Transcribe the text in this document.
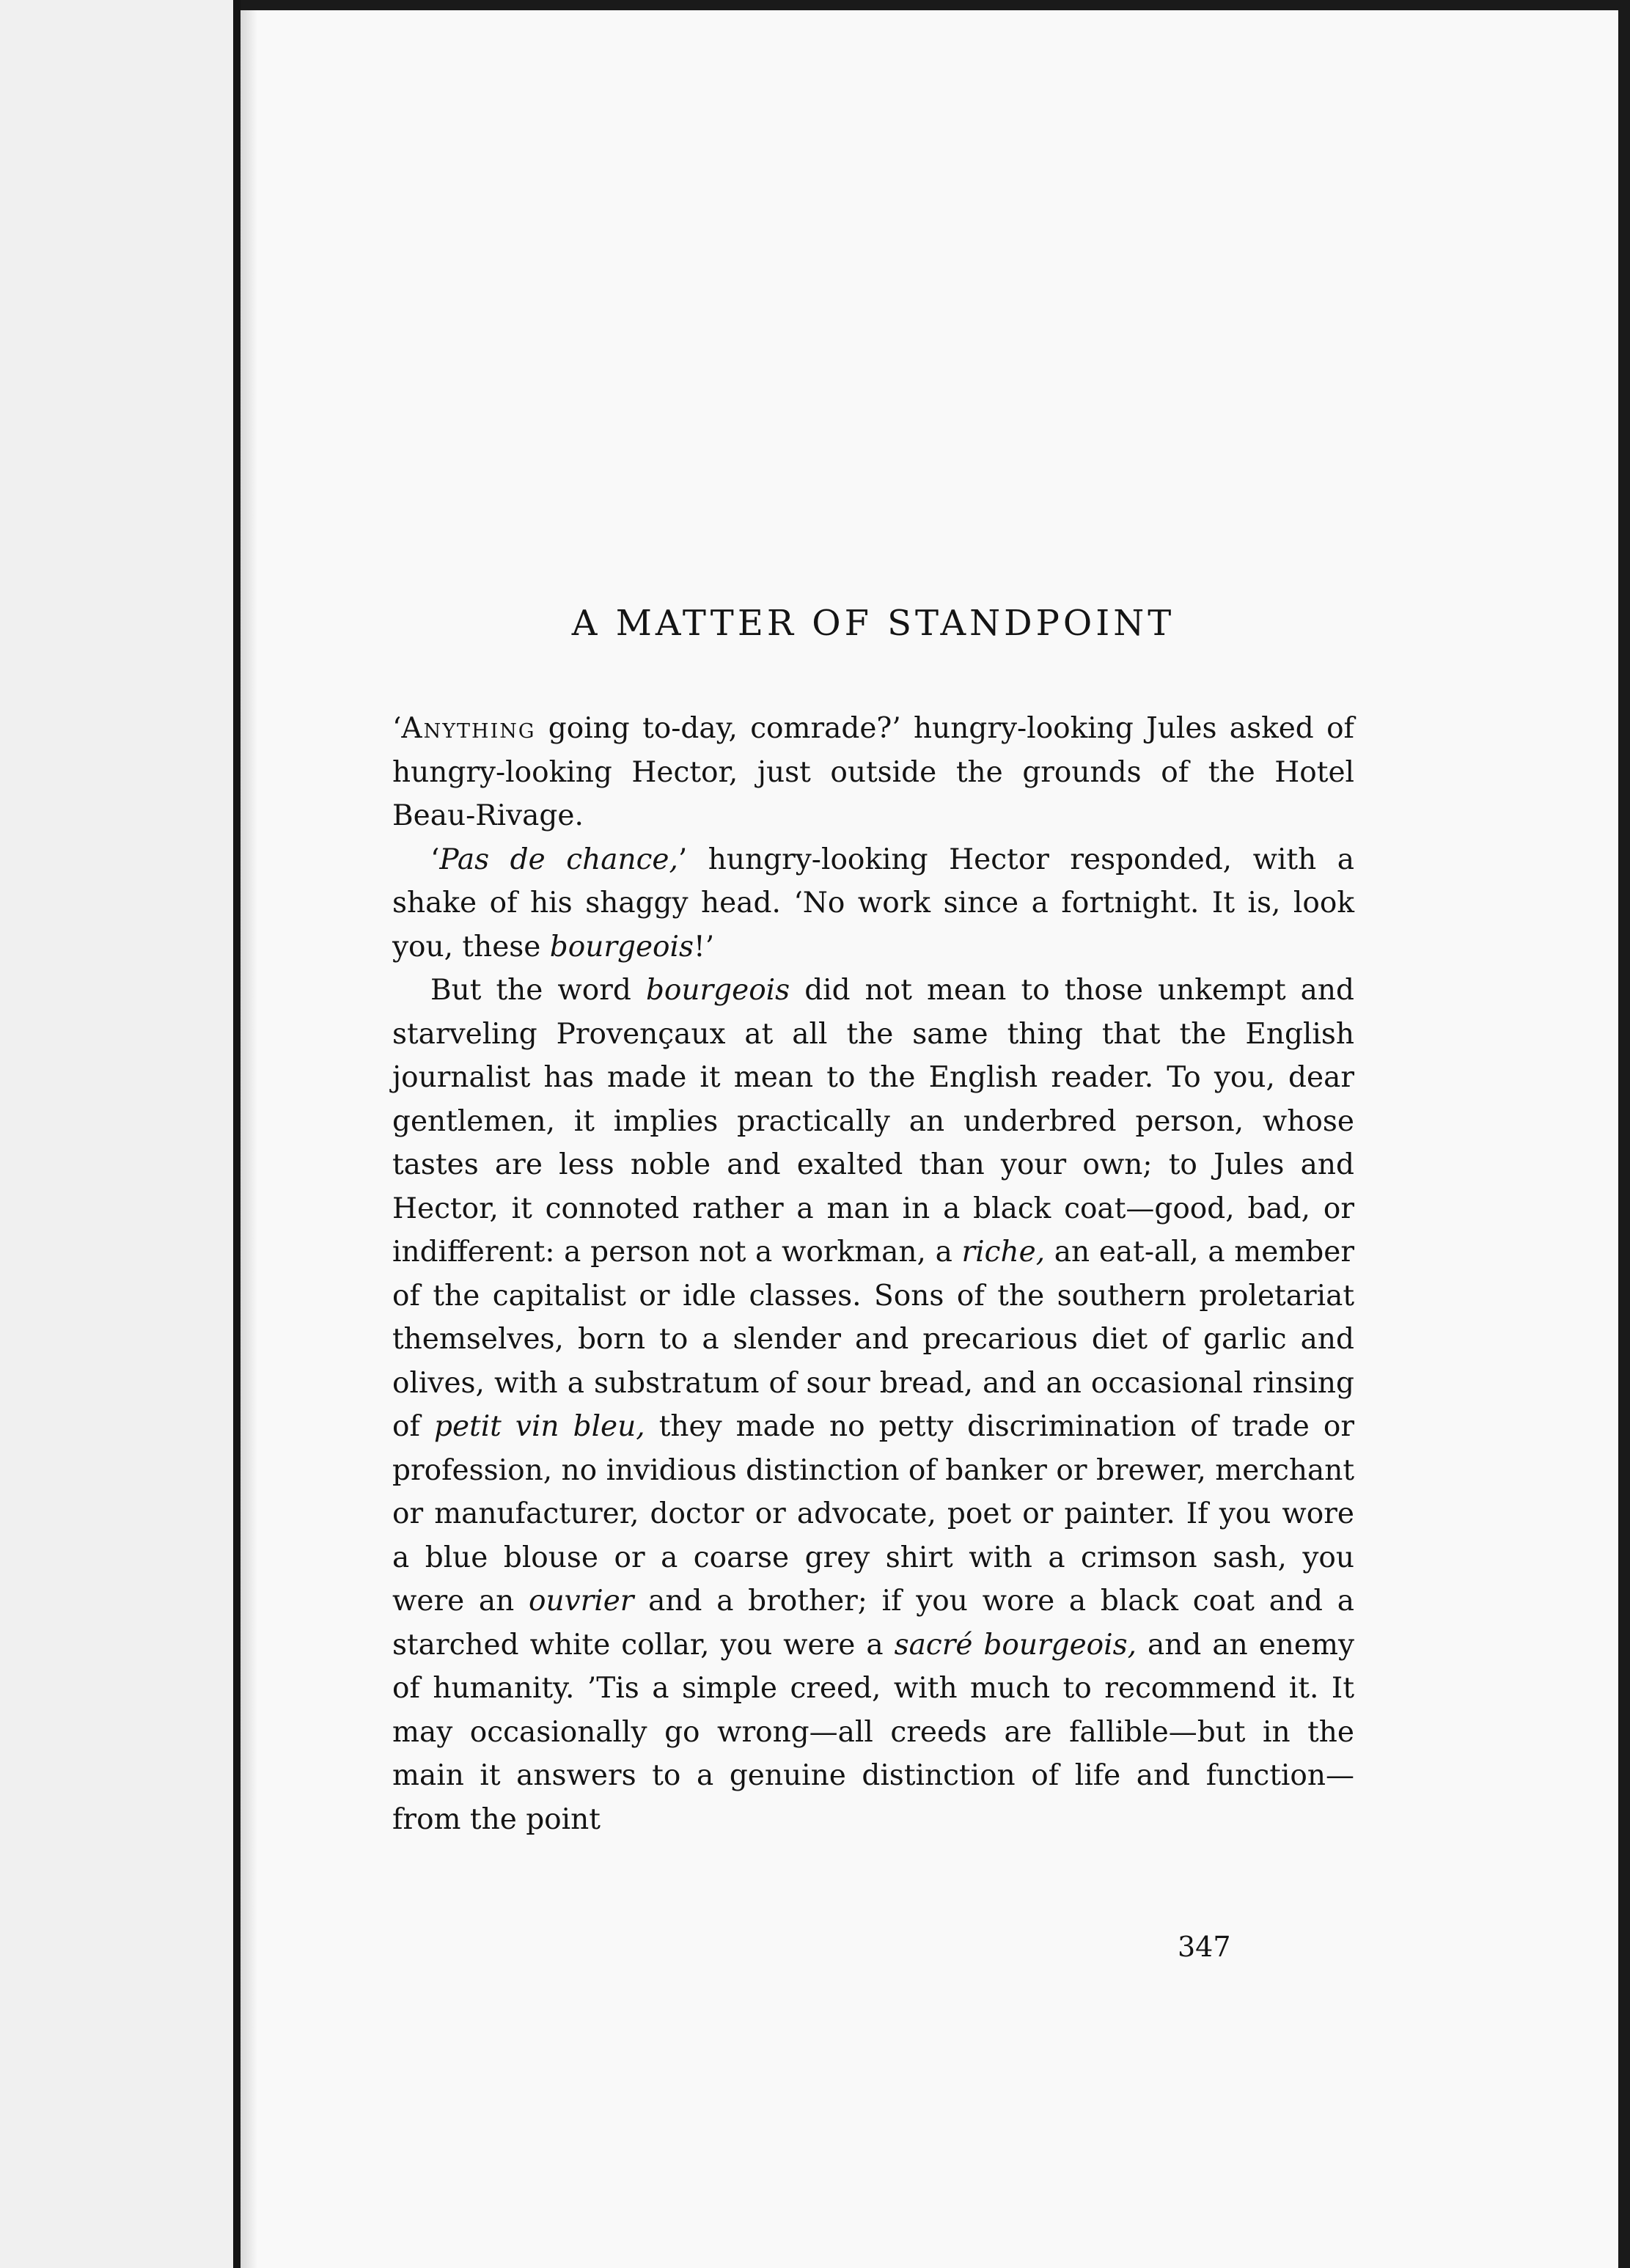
A MATTER OF STANDPOINT

‘Anything going to-day, comrade?’ hungry-looking Jules asked of hungry-looking Hector, just outside the grounds of the Hotel Beau-Rivage.

‘Pas de chance,’ hungry-looking Hector responded, with a shake of his shaggy head. ‘No work since a fortnight. It is, look you, these bourgeois!’

But the word bourgeois did not mean to those unkempt and starveling Provençaux at all the same thing that the English journalist has made it mean to the English reader. To you, dear gentlemen, it implies practically an underbred person, whose tastes are less noble and exalted than your own; to Jules and Hector, it connoted rather a man in a black coat—good, bad, or indifferent: a person not a workman, a riche, an eat-all, a member of the capitalist or idle classes. Sons of the southern proletariat themselves, born to a slender and precarious diet of garlic and olives, with a substratum of sour bread, and an occasional rinsing of petit vin bleu, they made no petty discrimination of trade or profession, no invidious distinction of banker or brewer, merchant or manufacturer, doctor or advocate, poet or painter. If you wore a blue blouse or a coarse grey shirt with a crimson sash, you were an ouvrier and a brother; if you wore a black coat and a starched white collar, you were a sacré bourgeois, and an enemy of humanity. ’Tis a simple creed, with much to recommend it. It may occasionally go wrong—all creeds are fallible—but in the main it answers to a genuine distinction of life and function—from the point

347
